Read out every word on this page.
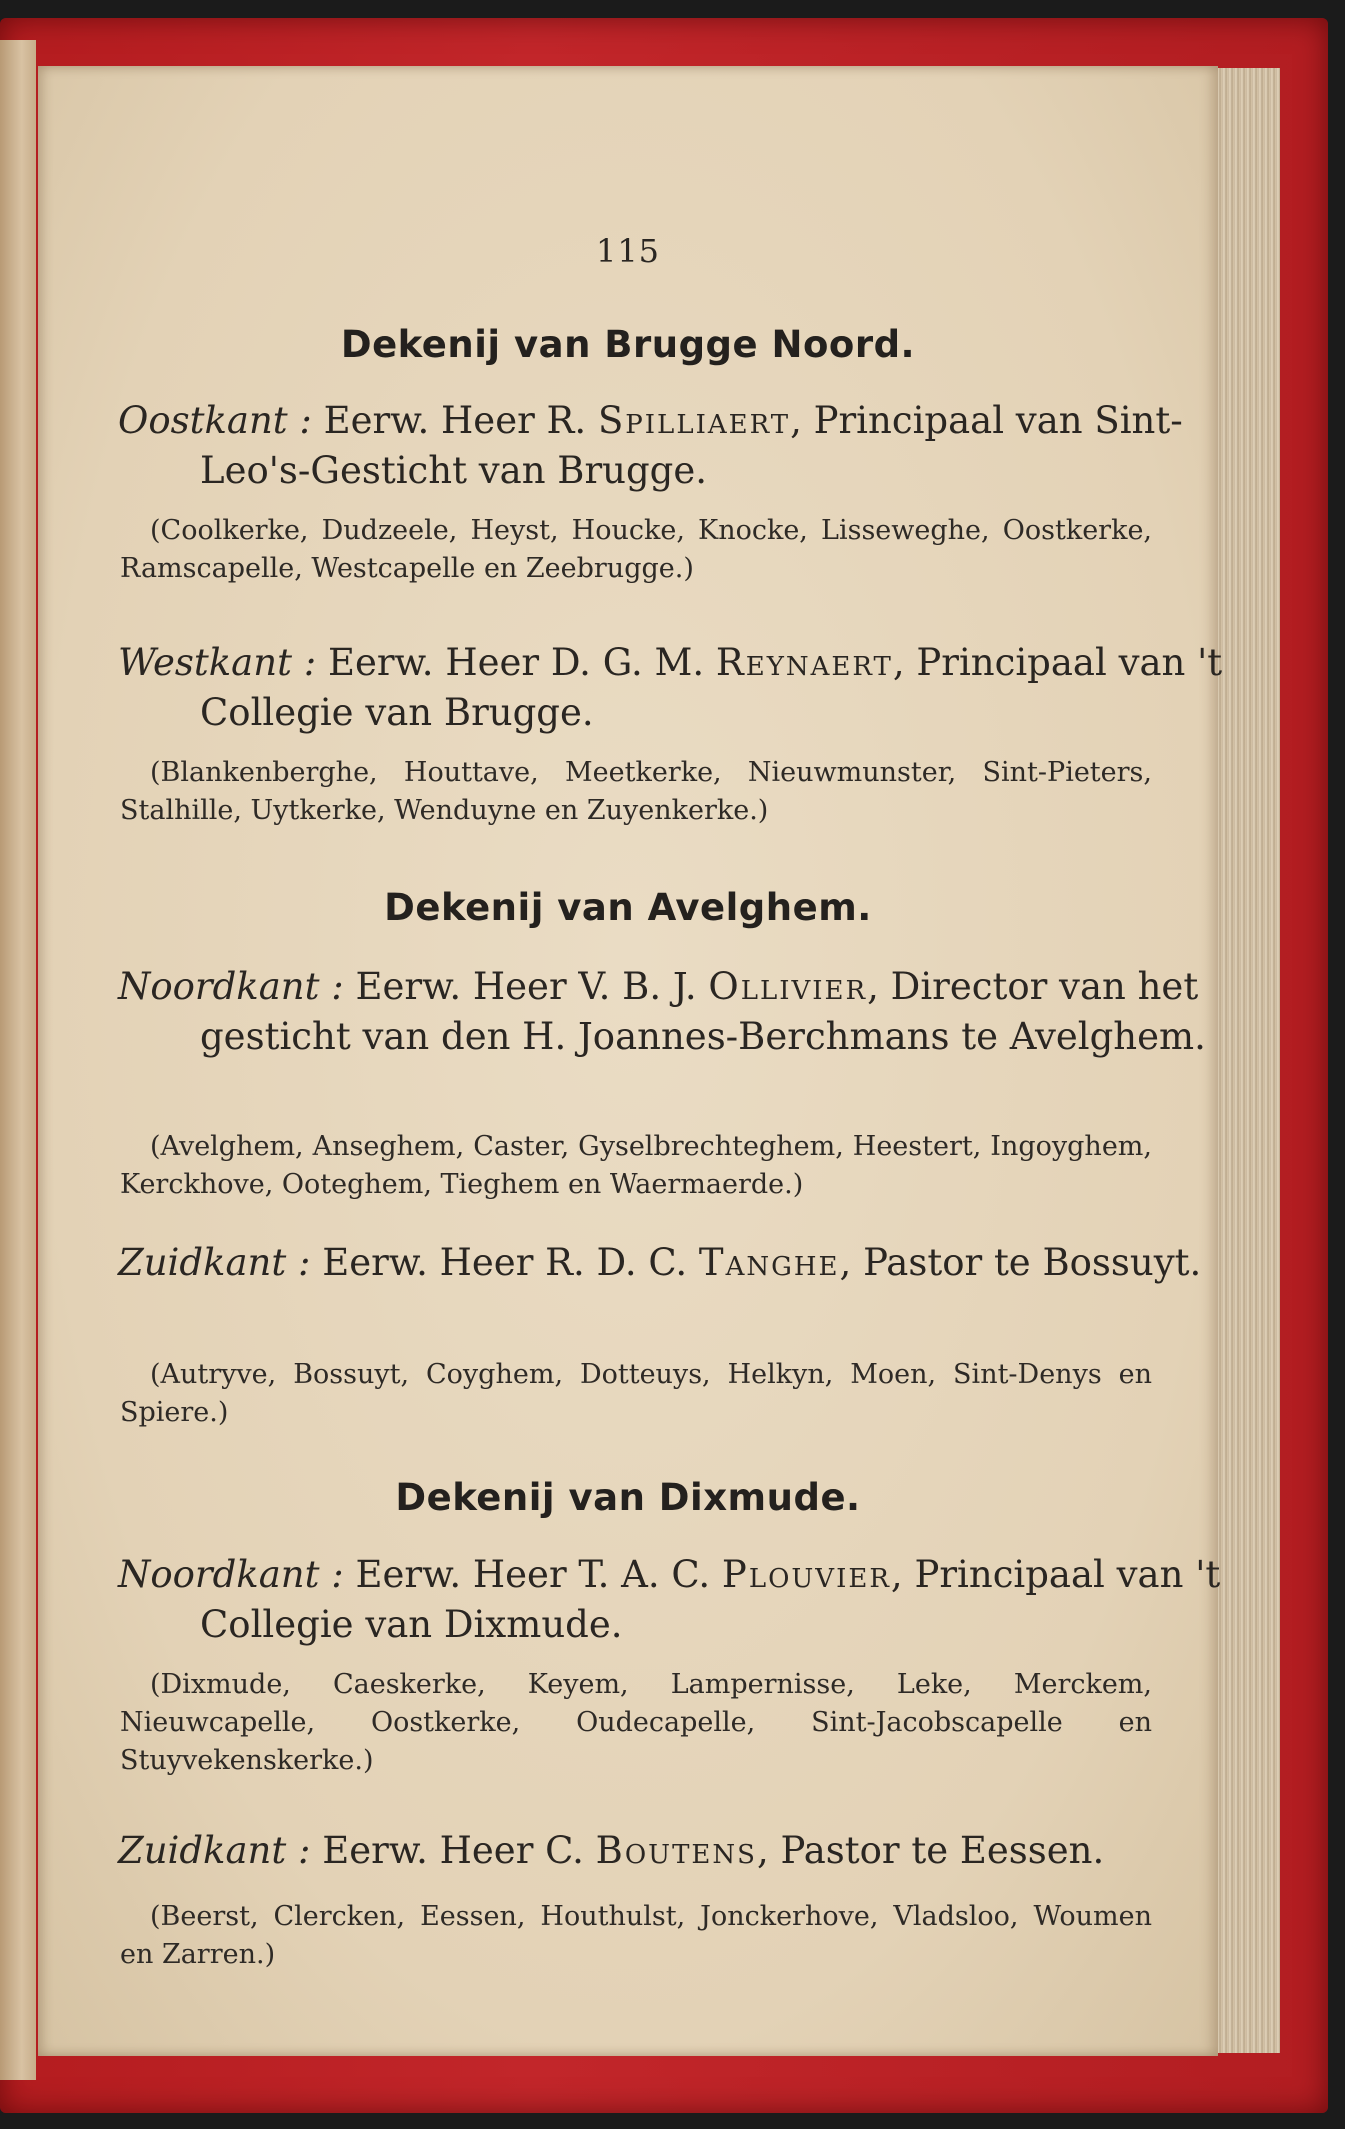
115
Dekenij van Brugge Noord.
Oostkant : Eerw. Heer R. Spilliaert, Principaal van Sint-Leo's-Gesticht van Brugge.
(Coolkerke, Dudzeele, Heyst, Houcke, Knocke, Lisseweghe, Oostkerke, Ramscapelle, Westcapelle en Zeebrugge.)
Westkant : Eerw. Heer D. G. M. Reynaert, Principaal van 't Collegie van Brugge.
(Blankenberghe, Houttave, Meetkerke, Nieuwmunster, Sint-Pieters, Stalhille, Uytkerke, Wenduyne en Zuyenkerke.)
Dekenij van Avelghem.
Noordkant : Eerw. Heer V. B. J. Ollivier, Director van het gesticht van den H. Joannes-Berchmans te Avelghem.
(Avelghem, Anseghem, Caster, Gyselbrechteghem, Heestert, Ingoyghem, Kerckhove, Ooteghem, Tieghem en Waermaerde.)
Zuidkant : Eerw. Heer R. D. C. Tanghe, Pastor te Bossuyt.
(Autryve, Bossuyt, Coyghem, Dotteuys, Helkyn, Moen, Sint-Denys en Spiere.)
Dekenij van Dixmude.
Noordkant : Eerw. Heer T. A. C. Plouvier, Principaal van 't Collegie van Dixmude.
(Dixmude, Caeskerke, Keyem, Lampernisse, Leke, Merckem, Nieuwcapelle, Oostkerke, Oudecapelle, Sint-Jacobscapelle en Stuyvekenskerke.)
Zuidkant : Eerw. Heer C. Boutens, Pastor te Eessen.
(Beerst, Clercken, Eessen, Houthulst, Jonckerhove, Vladsloo, Woumen en Zarren.)
